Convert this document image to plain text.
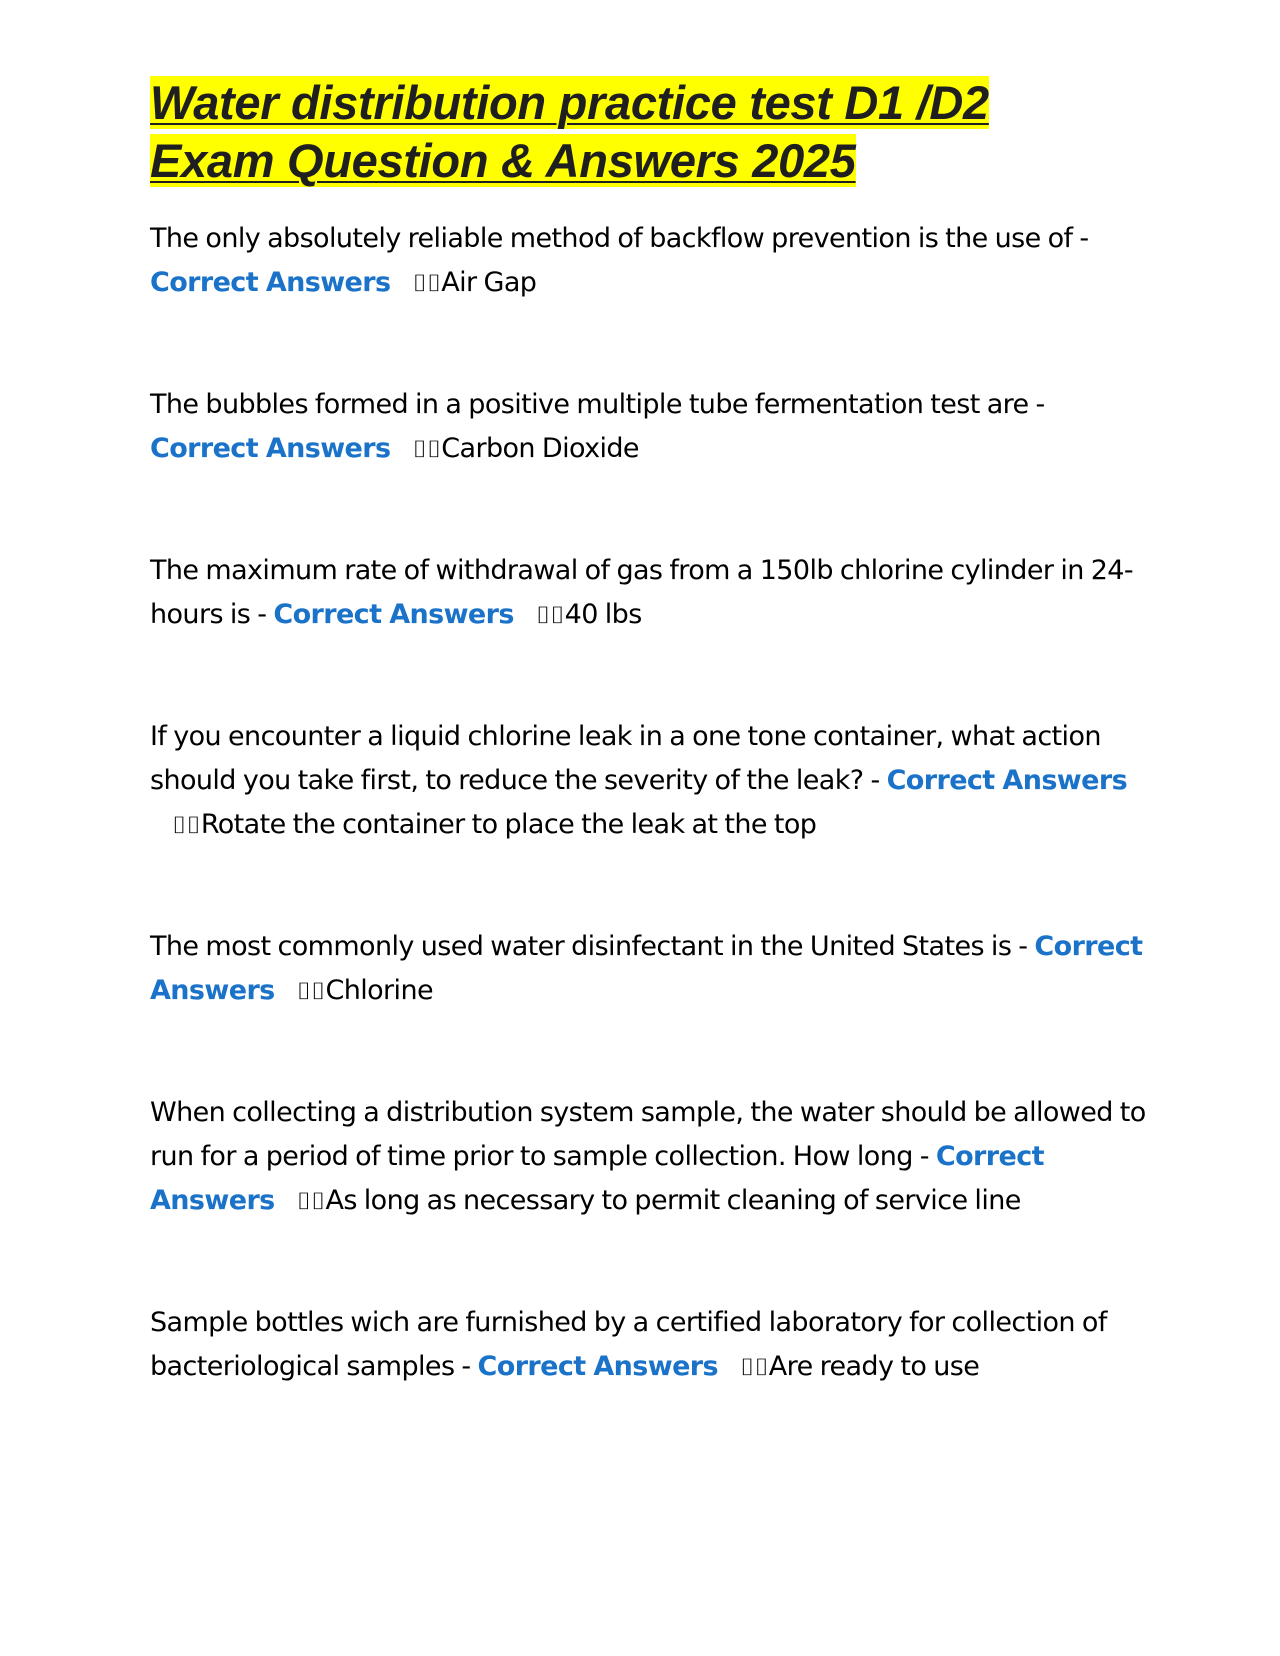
Water distribution practice test D1 /D2
Exam Question & Answers 2025

The only absolutely reliable method of backflow prevention is the use of - Correct Answers ⌷⌷Air Gap

The bubbles formed in a positive multiple tube fermentation test are - Correct Answers ⌷⌷Carbon Dioxide

The maximum rate of withdrawal of gas from a 150lb chlorine cylinder in 24-hours is - Correct Answers ⌷⌷40 lbs

If you encounter a liquid chlorine leak in a one tone container, what action should you take first, to reduce the severity of the leak? - Correct Answers⌷⌷Rotate the container to place the leak at the top

The most commonly used water disinfectant in the United States is - Correct Answers ⌷⌷Chlorine

When collecting a distribution system sample, the water should be allowed to run for a period of time prior to sample collection. How long - Correct Answers ⌷⌷As long as necessary to permit cleaning of service line

Sample bottles wich are furnished by a certified laboratory for collection of bacteriological samples - Correct Answers ⌷⌷Are ready to use
